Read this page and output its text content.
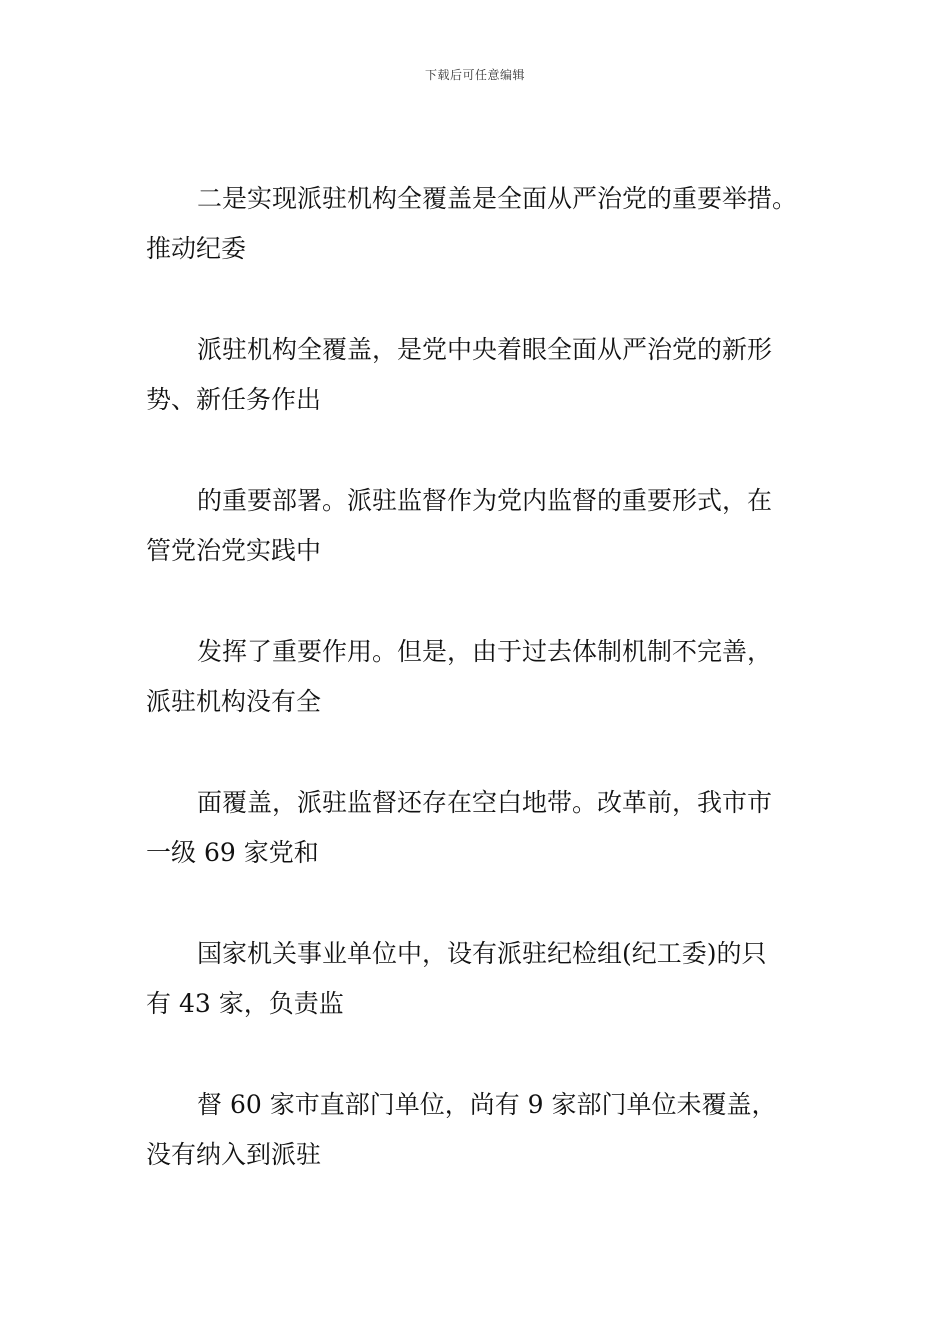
下载后可任意编辑

二是实现派驻机构全覆盖是全面从严治党的重要举措。
推动纪委

派驻机构全覆盖，是党中央着眼全面从严治党的新形
势、新任务作出

的重要部署。派驻监督作为党内监督的重要形式，在
管党治党实践中

发挥了重要作用。但是，由于过去体制机制不完善，
派驻机构没有全

面覆盖，派驻监督还存在空白地带。改革前，我市市
一级 69 家党和

国家机关事业单位中，设有派驻纪检组(纪工委)的只
有 43 家，负责监

督 60 家市直部门单位，尚有 9 家部门单位未覆盖，
没有纳入到派驻
